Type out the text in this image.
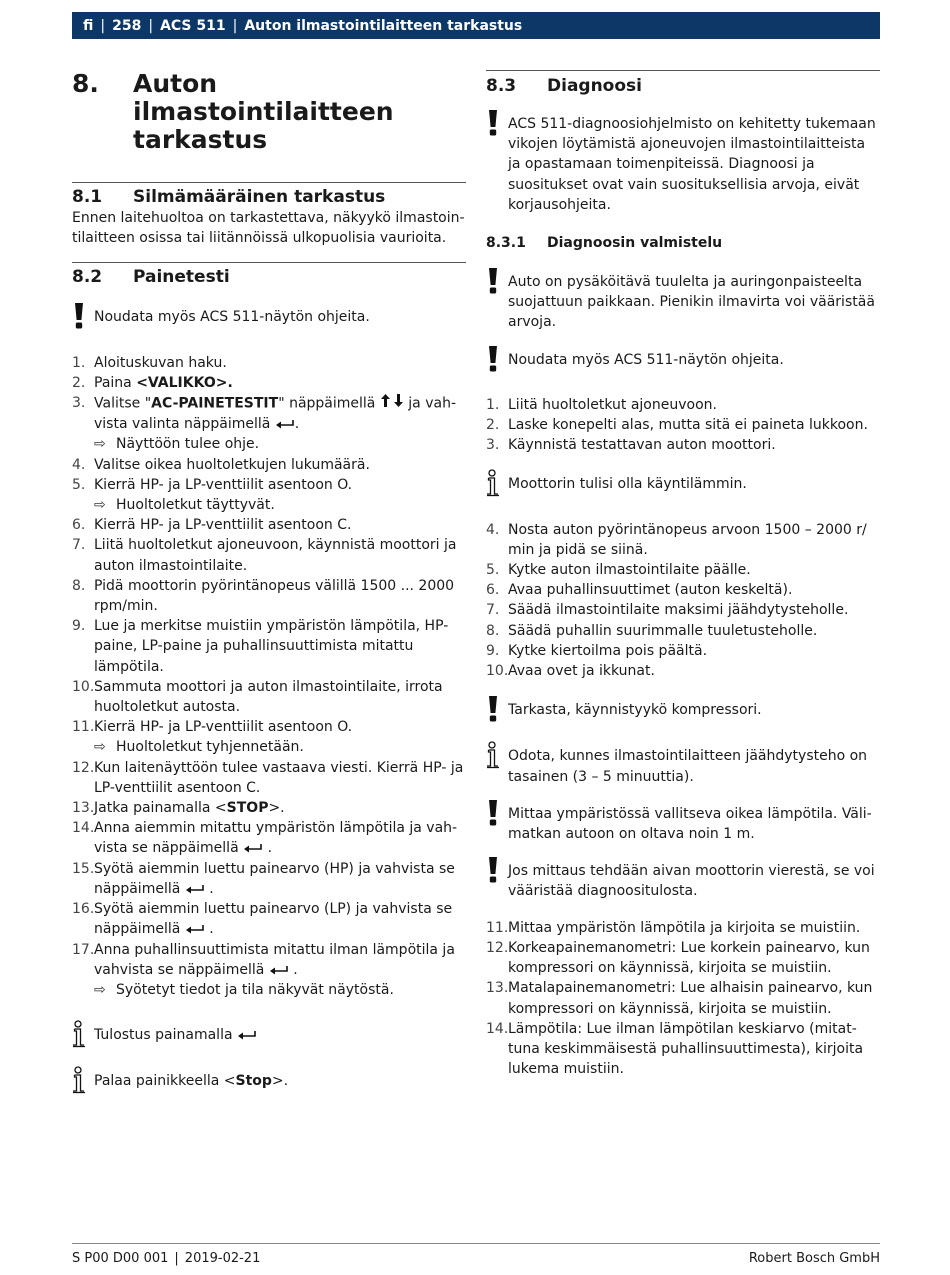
fi | 258 | ACS 511 | Auton ilmastointilaitteen tarkastus
8.	Auton ilmastointilaitteen tarkastus
8.1	Silmämääräinen tarkastus
Ennen laitehuoltoa on tarkastettava, näkyykö ilmastointilaitteen osissa tai liitännöissä ulkopuolisia vaurioita.
8.2	Painetesti
Noudata myös ACS 511-näytön ohjeita.
1. Aloituskuvan haku.
2. Paina <VALIKKO>.
3. Valitse "AC-PAINETESTIT" näppäimellä ja vahvista valinta näppäimellä .
⇨ Näyttöön tulee ohje.
4. Valitse oikea huoltoletkujen lukumäärä.
5. Kierrä HP- ja LP-venttiilit asentoon O.
⇨ Huoltoletkut täyttyvät.
6. Kierrä HP- ja LP-venttiilit asentoon C.
7. Liitä huoltoletkut ajoneuvoon, käynnistä moottori ja auton ilmastointilaite.
8. Pidä moottorin pyörintänopeus välillä 1500 ... 2000 rpm/min.
9. Lue ja merkitse muistiin ympäristön lämpötila, HP-paine, LP-paine ja puhallinsuuttimista mitattu lämpötila.
10. Sammuta moottori ja auton ilmastointilaite, irrota huoltoletkut autosta.
11. Kierrä HP- ja LP-venttiilit asentoon O.
⇨ Huoltoletkut tyhjennetään.
12. Kun laitenäyttöön tulee vastaava viesti. Kierrä HP- ja LP-venttiilit asentoon C.
13. Jatka painamalla <STOP>.
14. Anna aiemmin mitattu ympäristön lämpötila ja vahvista se näppäimellä .
15. Syötä aiemmin luettu painearvo (HP) ja vahvista se näppäimellä .
16. Syötä aiemmin luettu painearvo (LP) ja vahvista se näppäimellä .
17. Anna puhallinsuuttimista mitattu ilman lämpötila ja vahvista se näppäimellä .
⇨ Syötetyt tiedot ja tila näkyvät näytöstä.
Tulostus painamalla
Palaa painikkeella <Stop>.
8.3	Diagnoosi
ACS 511-diagnoosiohjelmisto on kehitetty tukemaan vikojen löytämistä ajoneuvojen ilmastointilaitteista ja opastamaan toimenpiteissä. Diagnoosi ja suositukset ovat vain suosituksellisia arvoja, eivät korjausohjeita.
8.3.1	Diagnoosin valmistelu
Auto on pysäköitävä tuulelta ja auringonpaisteelta suojattuun paikkaan. Pienikin ilmavirta voi vääristää arvoja.
Noudata myös ACS 511-näytön ohjeita.
1. Liitä huoltoletkut ajoneuvoon.
2. Laske konepelti alas, mutta sitä ei paineta lukkoon.
3. Käynnistä testattavan auton moottori.
Moottorin tulisi olla käyntilämmin.
4. Nosta auton pyörintänopeus arvoon 1500 – 2000 r/ min ja pidä se siinä.
5. Kytke auton ilmastointilaite päälle.
6. Avaa puhallinsuuttimet (auton keskeltä).
7. Säädä ilmastointilaite maksimi jäähdytysteholle.
8. Säädä puhallin suurimmalle tuuletusteholle.
9. Kytke kiertoilma pois päältä.
10. Avaa ovet ja ikkunat.
Tarkasta, käynnistyykö kompressori.
Odota, kunnes ilmastointilaitteen jäähdytysteho on tasainen (3 – 5 minuuttia).
Mittaa ympäristössä vallitseva oikea lämpötila. Välimatkan autoon on oltava noin 1 m.
Jos mittaus tehdään aivan moottorin vierestä, se voi vääristää diagnoositulosta.
11. Mittaa ympäristön lämpötila ja kirjoita se muistiin.
12. Korkeapainemanometri: Lue korkein painearvo, kun kompressori on käynnissä, kirjoita se muistiin.
13. Matalapainemanometri: Lue alhaisin painearvo, kun kompressori on käynnissä, kirjoita se muistiin.
14. Lämpötila: Lue ilman lämpötilan keskiarvo (mitattuna keskimmäisestä puhallinsuuttimesta), kirjoita lukema muistiin.
S P00 D00 001 | 2019-02-21	Robert Bosch GmbH
